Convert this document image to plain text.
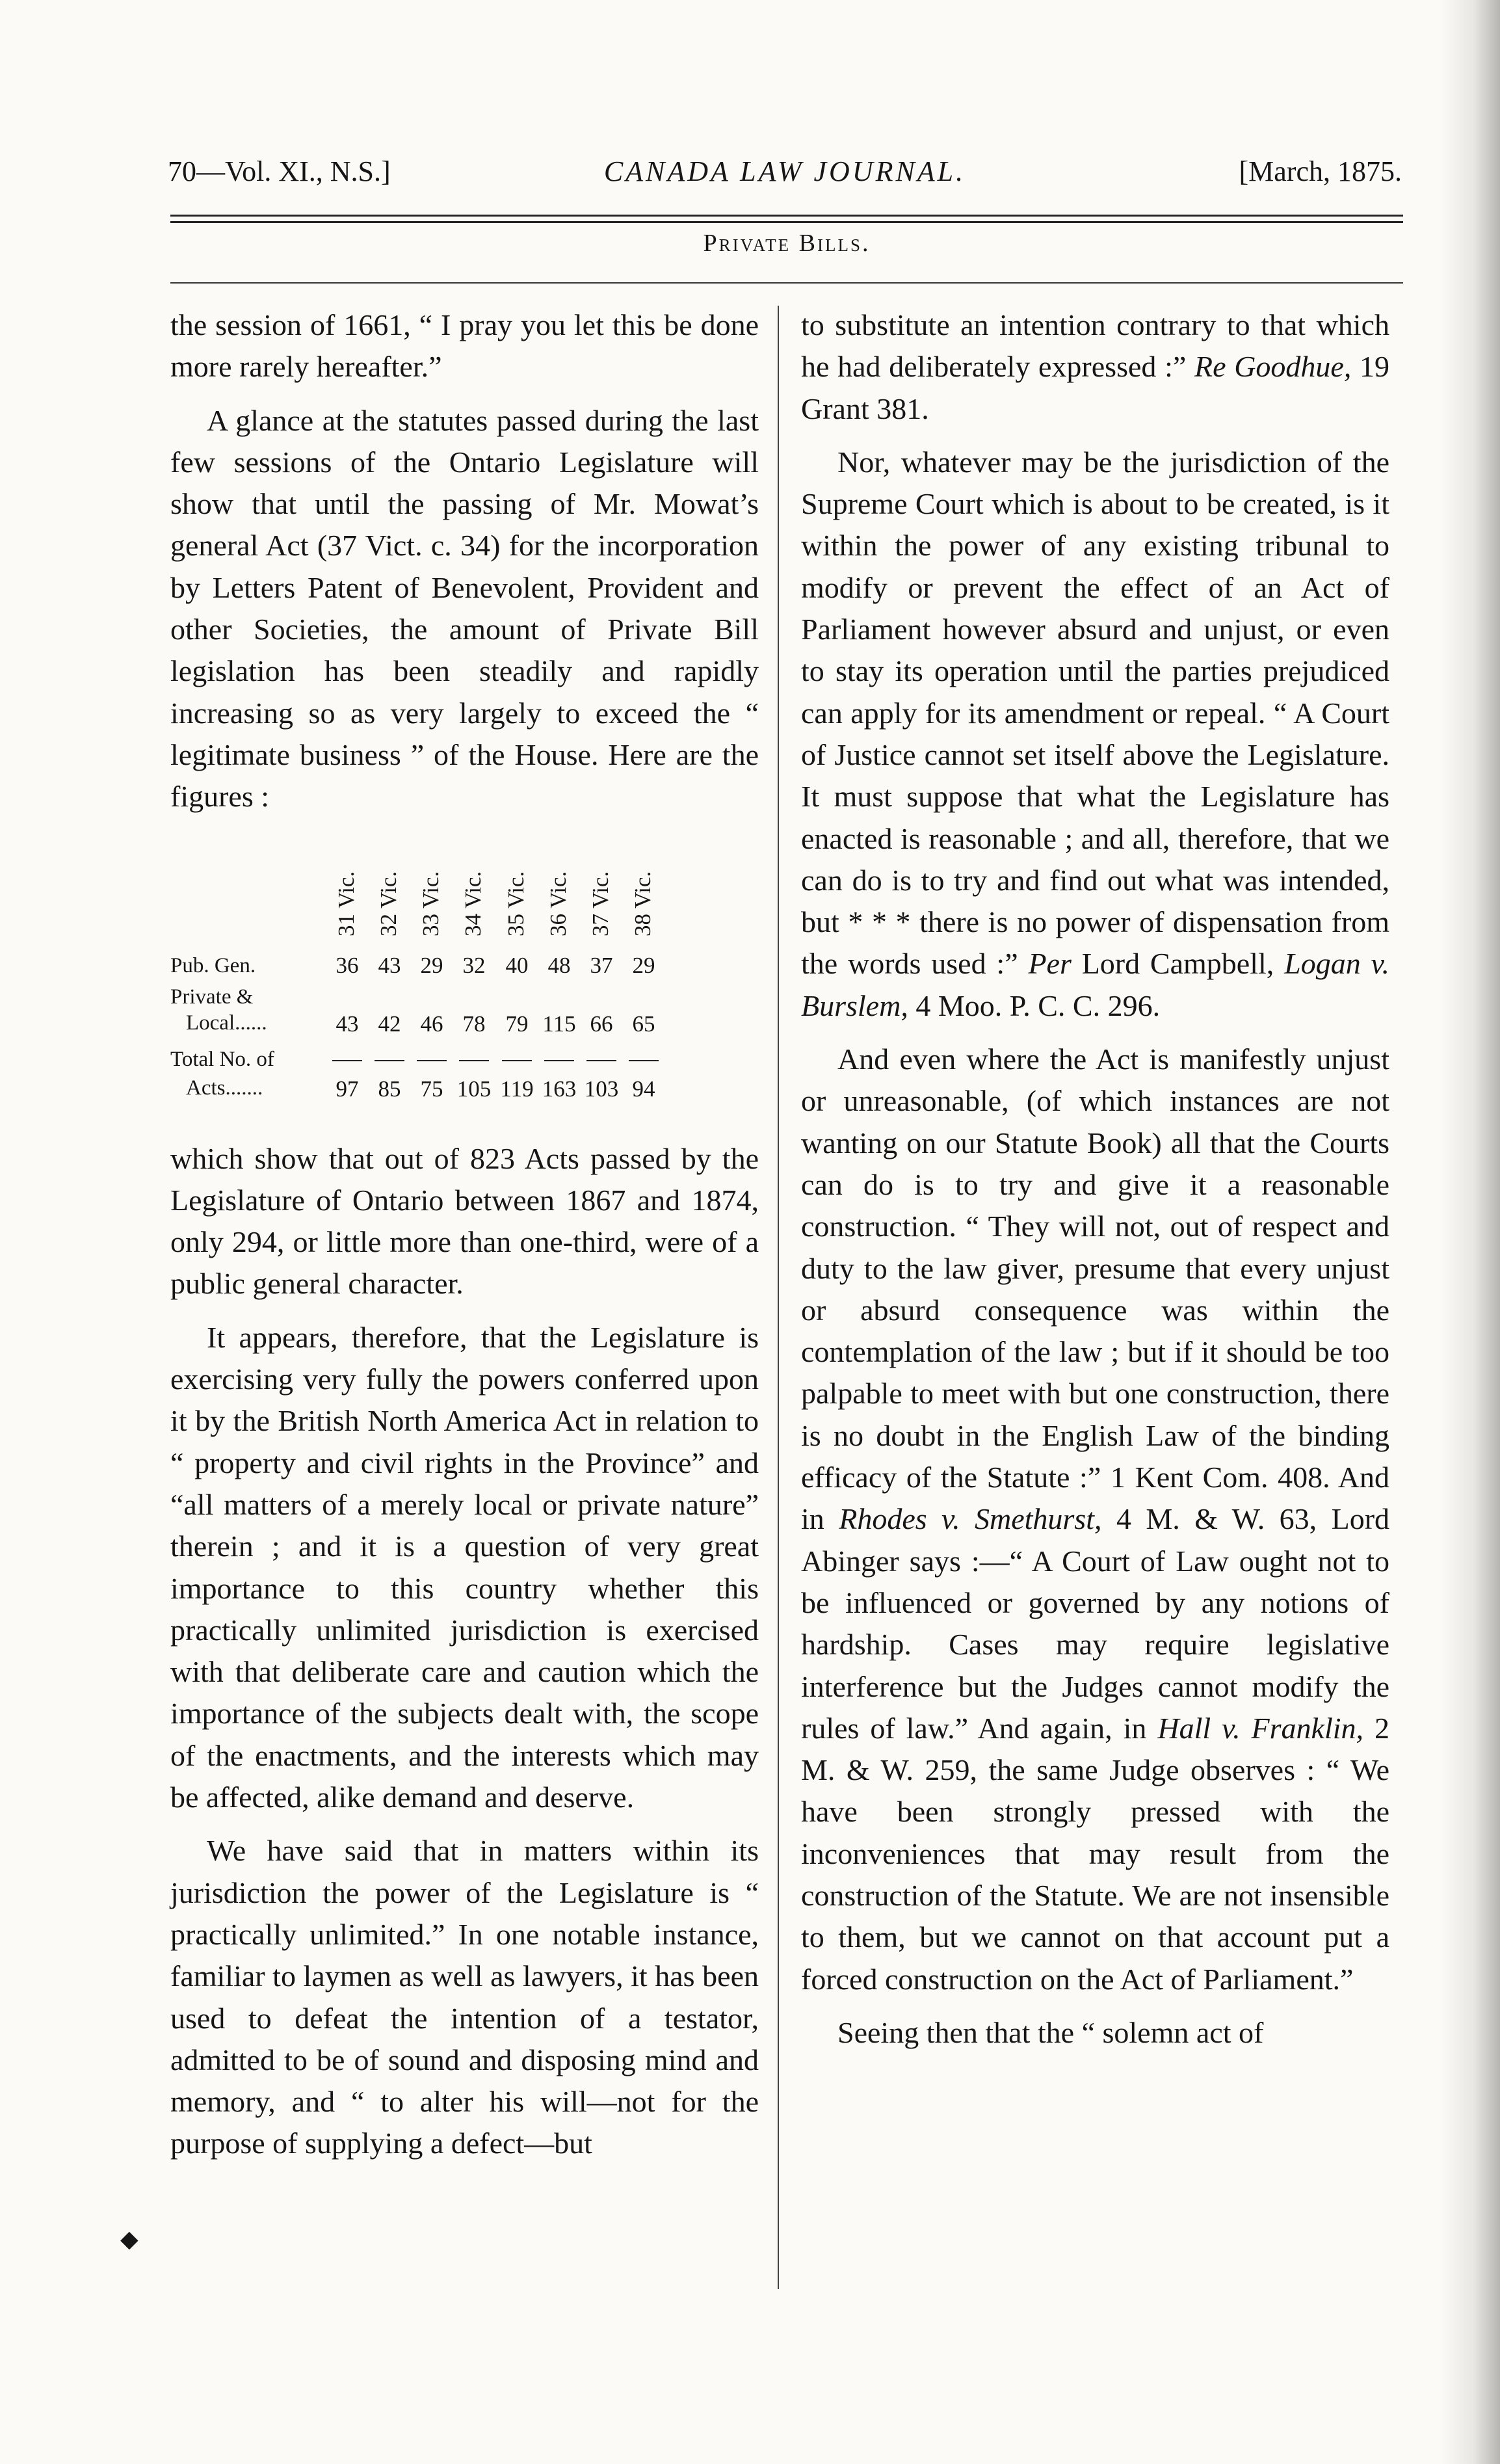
70—Vol. XI., N.S.]	CANADA LAW JOURNAL.	[March, 1875.
Private Bills.

the session of 1661, “ I pray you let this be done more rarely hereafter.”

A glance at the statutes passed during the last few sessions of the Ontario Legislature will show that until the passing of Mr. Mowat’s general Act (37 Vict. c. 34) for the incorporation by Letters Patent of Benevolent, Provident and other Societies, the amount of Private Bill legislation has been steadily and rapidly increasing so as very largely to exceed the “ legitimate business ” of the House. Here are the figures :

31 Vic. 32 Vic. 33 Vic. 34 Vic. 35 Vic. 36 Vic. 37 Vic. 38 Vic.
Pub. Gen.	36 43 29 32 40 48 37 29
Private &
Local......	43 42 46 78 79 115 66 65
Total No. of
Acts.......	97 85 75 105 119 163 103 94

which show that out of 823 Acts passed by the Legislature of Ontario between 1867 and 1874, only 294, or little more than one-third, were of a public general character.

It appears, therefore, that the Legislature is exercising very fully the powers conferred upon it by the British North America Act in relation to “ property and civil rights in the Province” and “all matters of a merely local or private nature” therein ; and it is a question of very great importance to this country whether this practically unlimited jurisdiction is exercised with that deliberate care and caution which the importance of the subjects dealt with, the scope of the enactments, and the interests which may be affected, alike demand and deserve.

We have said that in matters within its jurisdiction the power of the Legislature is “ practically unlimited.” In one notable instance, familiar to laymen as well as lawyers, it has been used to defeat the intention of a testator, admitted to be of sound and disposing mind and memory, and “ to alter his will—not for the purpose of supplying a defect—but

◆

to substitute an intention contrary to that which he had deliberately expressed :” Re Goodhue, 19 Grant 381.

Nor, whatever may be the jurisdiction of the Supreme Court which is about to be created, is it within the power of any existing tribunal to modify or prevent the effect of an Act of Parliament however absurd and unjust, or even to stay its operation until the parties prejudiced can apply for its amendment or repeal. “ A Court of Justice cannot set itself above the Legislature. It must suppose that what the Legislature has enacted is reasonable ; and all, therefore, that we can do is to try and find out what was intended, but * * * there is no power of dispensation from the words used :” Per Lord Campbell, Logan v. Burslem, 4 Moo. P. C. C. 296.

And even where the Act is manifestly unjust or unreasonable, (of which instances are not wanting on our Statute Book) all that the Courts can do is to try and give it a reasonable construction. “ They will not, out of respect and duty to the law giver, presume that every unjust or absurd consequence was within the contemplation of the law ; but if it should be too palpable to meet with but one construction, there is no doubt in the English Law of the binding efficacy of the Statute :” 1 Kent Com. 408. And in Rhodes v. Smethurst, 4 M. & W. 63, Lord Abinger says :—“ A Court of Law ought not to be influenced or governed by any notions of hardship. Cases may require legislative interference but the Judges cannot modify the rules of law.” And again, in Hall v. Franklin, 2 M. & W. 259, the same Judge observes : “ We have been strongly pressed with the inconveniences that may result from the construction of the Statute. We are not insensible to them, but we cannot on that account put a forced construction on the Act of Parliament.”

Seeing then that the “ solemn act of
